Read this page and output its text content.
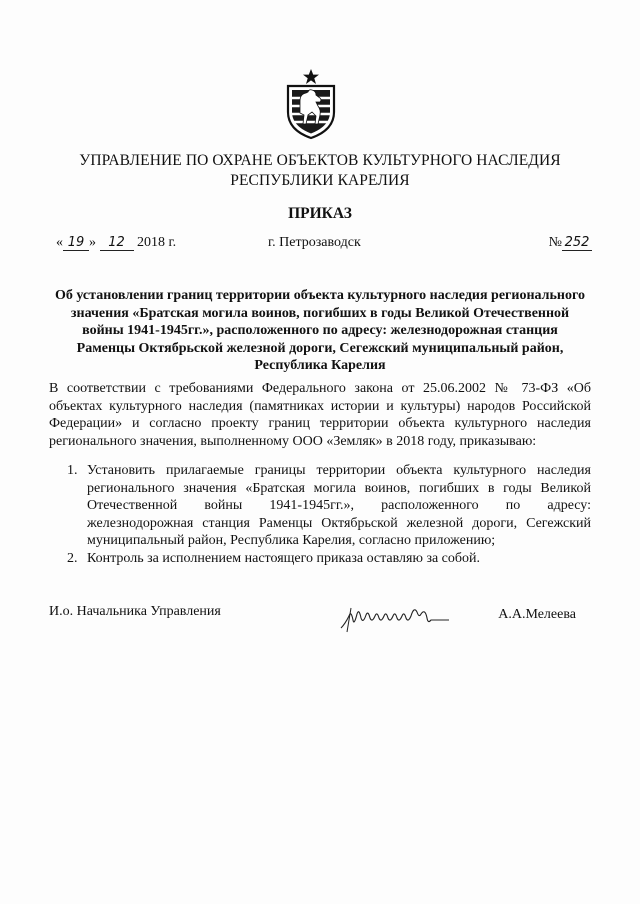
УПРАВЛЕНИЕ ПО ОХРАНЕ ОБЪЕКТОВ КУЛЬТУРНОГО НАСЛЕДИЯ
РЕСПУБЛИКИ КАРЕЛИЯ
ПРИКАЗ
« 19 » 12 2018 г.	г. Петрозаводск	№ 252
Об установлении границ территории объекта культурного наследия регионального
значения «Братская могила воинов, погибших в годы Великой Отечественной
войны 1941-1945гг.», расположенного по адресу: железнодорожная станция
Раменцы Октябрьской железной дороги, Сегежский муниципальный район,
Республика Карелия
В соответствии с требованиями Федерального закона от 25.06.2002 № 73-ФЗ «Об
объектах культурного наследия (памятниках истории и культуры) народов Российской
Федерации» и согласно проекту границ территории объекта культурного наследия
регионального значения, выполненному ООО «Земляк» в 2018 году, приказываю:
1. Установить прилагаемые границы территории объекта культурного наследия
регионального значения «Братская могила воинов, погибших в годы Великой
Отечественной войны 1941-1945гг.», расположенного по адресу:
железнодорожная станция Раменцы Октябрьской железной дороги, Сегежский
муниципальный район, Республика Карелия, согласно приложению;
2. Контроль за исполнением настоящего приказа оставляю за собой.
И.о. Начальника Управления	А.А.Мелеева
